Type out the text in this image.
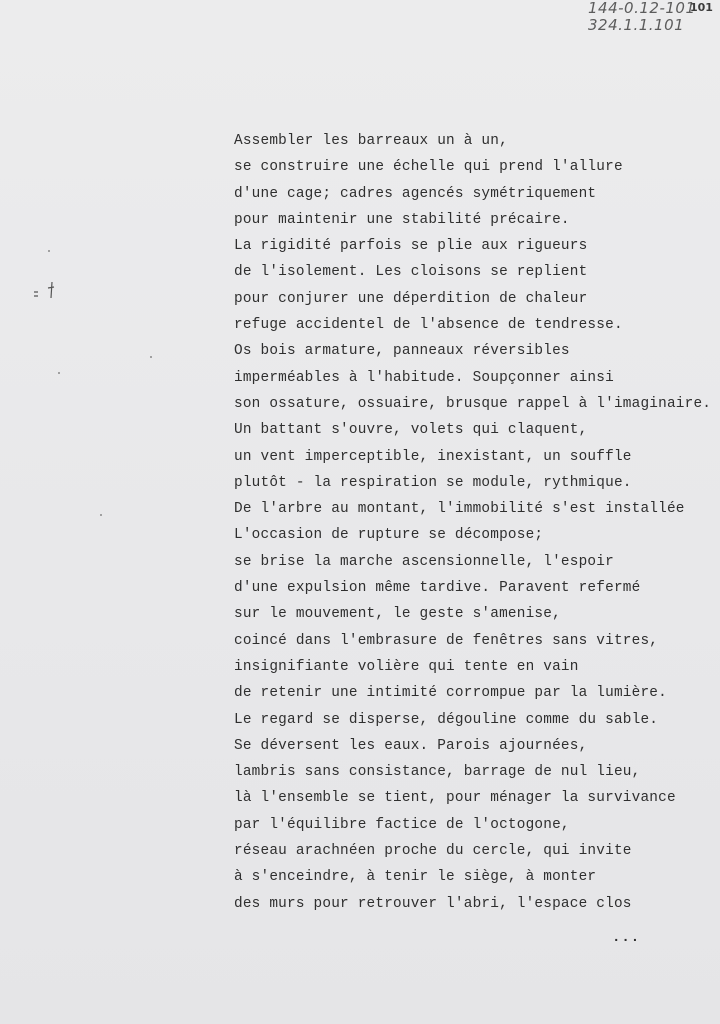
144-0.12-101
324.1.1.101
101
Assembler les barreaux un à un,
se construire une échelle qui prend l'allure
d'une cage; cadres agencés symétriquement
pour maintenir une stabilité précaire.
La rigidité parfois se plie aux rigueurs
de l'isolement. Les cloisons se replient
pour conjurer une déperdition de chaleur
refuge accidentel de l'absence de tendresse.
Os bois armature, panneaux réversibles
imperméables à l'habitude. Soupçonner ainsi
son ossature, ossuaire, brusque rappel à l'imaginaire.
Un battant s'ouvre, volets qui claquent,
un vent imperceptible, inexistant, un souffle
plutôt - la respiration se module, rythmique.
De l'arbre au montant, l'immobilité s'est installée
L'occasion de rupture se décompose;
se brise la marche ascensionnelle, l'espoir
d'une expulsion même tardive. Paravent refermé
sur le mouvement, le geste s'amenise,
coincé dans l'embrasure de fenêtres sans vitres,
insignifiante volière qui tente en vain
de retenir une intimité corrompue par la lumière.
Le regard se disperse, dégouline comme du sable.
Se déversent les eaux. Parois ajournées,
lambris sans consistance, barrage de nul lieu,
là l'ensemble se tient, pour ménager la survivance
par l'équilibre factice de l'octogone,
réseau arachnéen proche du cercle, qui invite
à s'enceindre, à tenir le siège, à monter
des murs pour retrouver l'abri, l'espace clos
...
